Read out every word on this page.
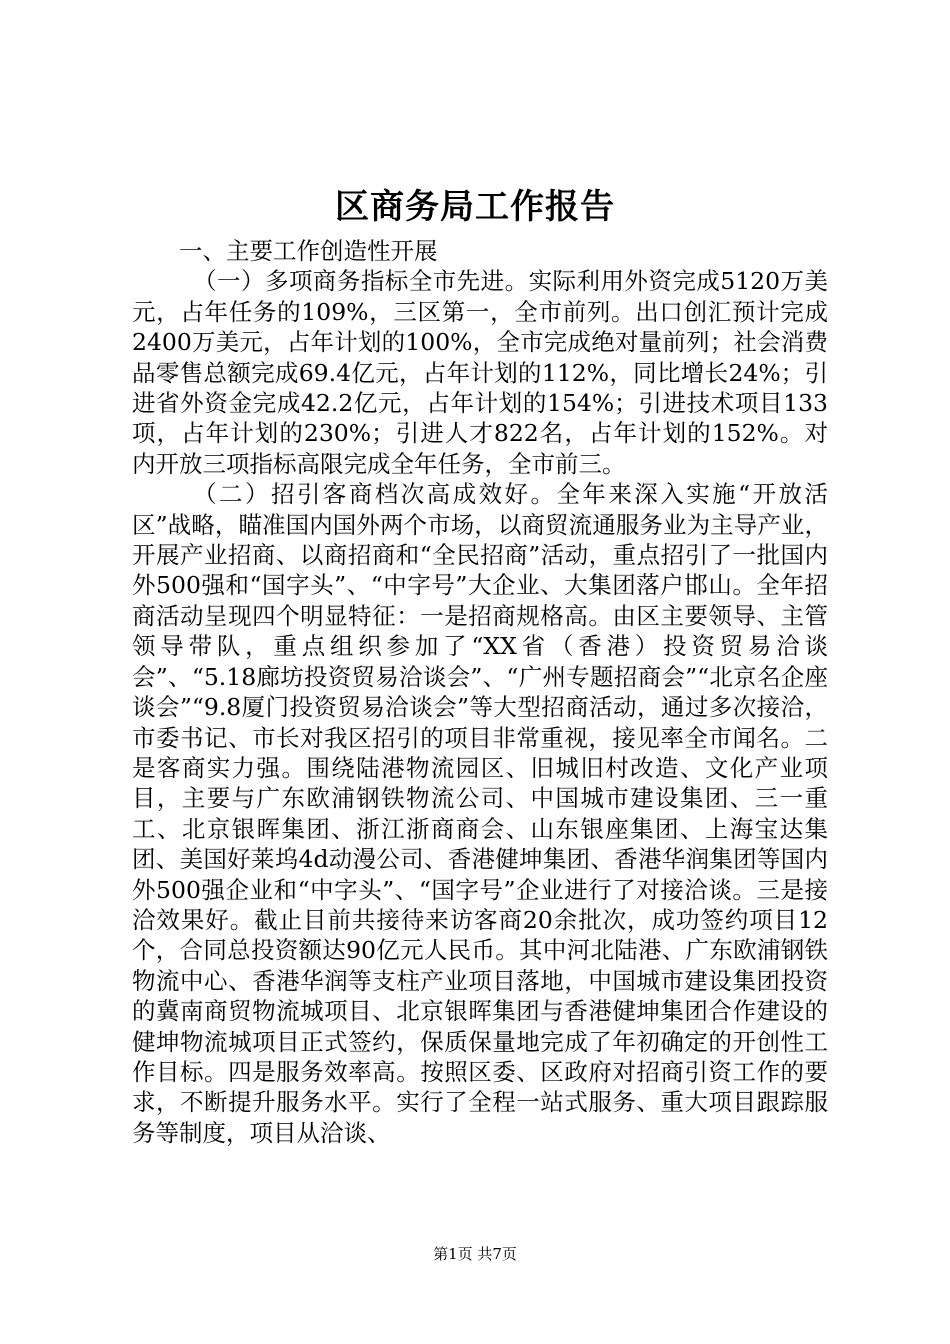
区商务局工作报告

一、主要工作创造性开展

（一）多项商务指标全市先进。实际利用外资完成5120万美元，占年任务的109%，三区第一，全市前列。出口创汇预计完成2400万美元，占年计划的100%，全市完成绝对量前列；社会消费品零售总额完成69.4亿元，占年计划的112%，同比增长24%；引进省外资金完成42.2亿元，占年计划的154%；引进技术项目133项，占年计划的230%；引进人才822名，占年计划的152%。对内开放三项指标高限完成全年任务，全市前三。

（二）招引客商档次高成效好。全年来深入实施“开放活区”战略，瞄准国内国外两个市场，以商贸流通服务业为主导产业，开展产业招商、以商招商和“全民招商”活动，重点招引了一批国内外500强和“国字头”、“中字号”大企业、大集团落户邯山。全年招商活动呈现四个明显特征：一是招商规格高。由区主要领导、主管领导带队，重点组织参加了“XX省（香港）投资贸易洽谈会”、“5.18廊坊投资贸易洽谈会”、“广州专题招商会”“北京名企座谈会”“9.8厦门投资贸易洽谈会”等大型招商活动，通过多次接洽，市委书记、市长对我区招引的项目非常重视，接见率全市闻名。二是客商实力强。围绕陆港物流园区、旧城旧村改造、文化产业项目，主要与广东欧浦钢铁物流公司、中国城市建设集团、三一重工、北京银晖集团、浙江浙商商会、山东银座集团、上海宝达集团、美国好莱坞4d动漫公司、香港健坤集团、香港华润集团等国内外500强企业和“中字头”、“国字号”企业进行了对接洽谈。三是接洽效果好。截止目前共接待来访客商20余批次，成功签约项目12个，合同总投资额达90亿元人民币。其中河北陆港、广东欧浦钢铁物流中心、香港华润等支柱产业项目落地，中国城市建设集团投资的冀南商贸物流城项目、北京银晖集团与香港健坤集团合作建设的健坤物流城项目正式签约，保质保量地完成了年初确定的开创性工作目标。四是服务效率高。按照区委、区政府对招商引资工作的要求，不断提升服务水平。实行了全程一站式服务、重大项目跟踪服务等制度，项目从洽谈、

第1页 共7页
